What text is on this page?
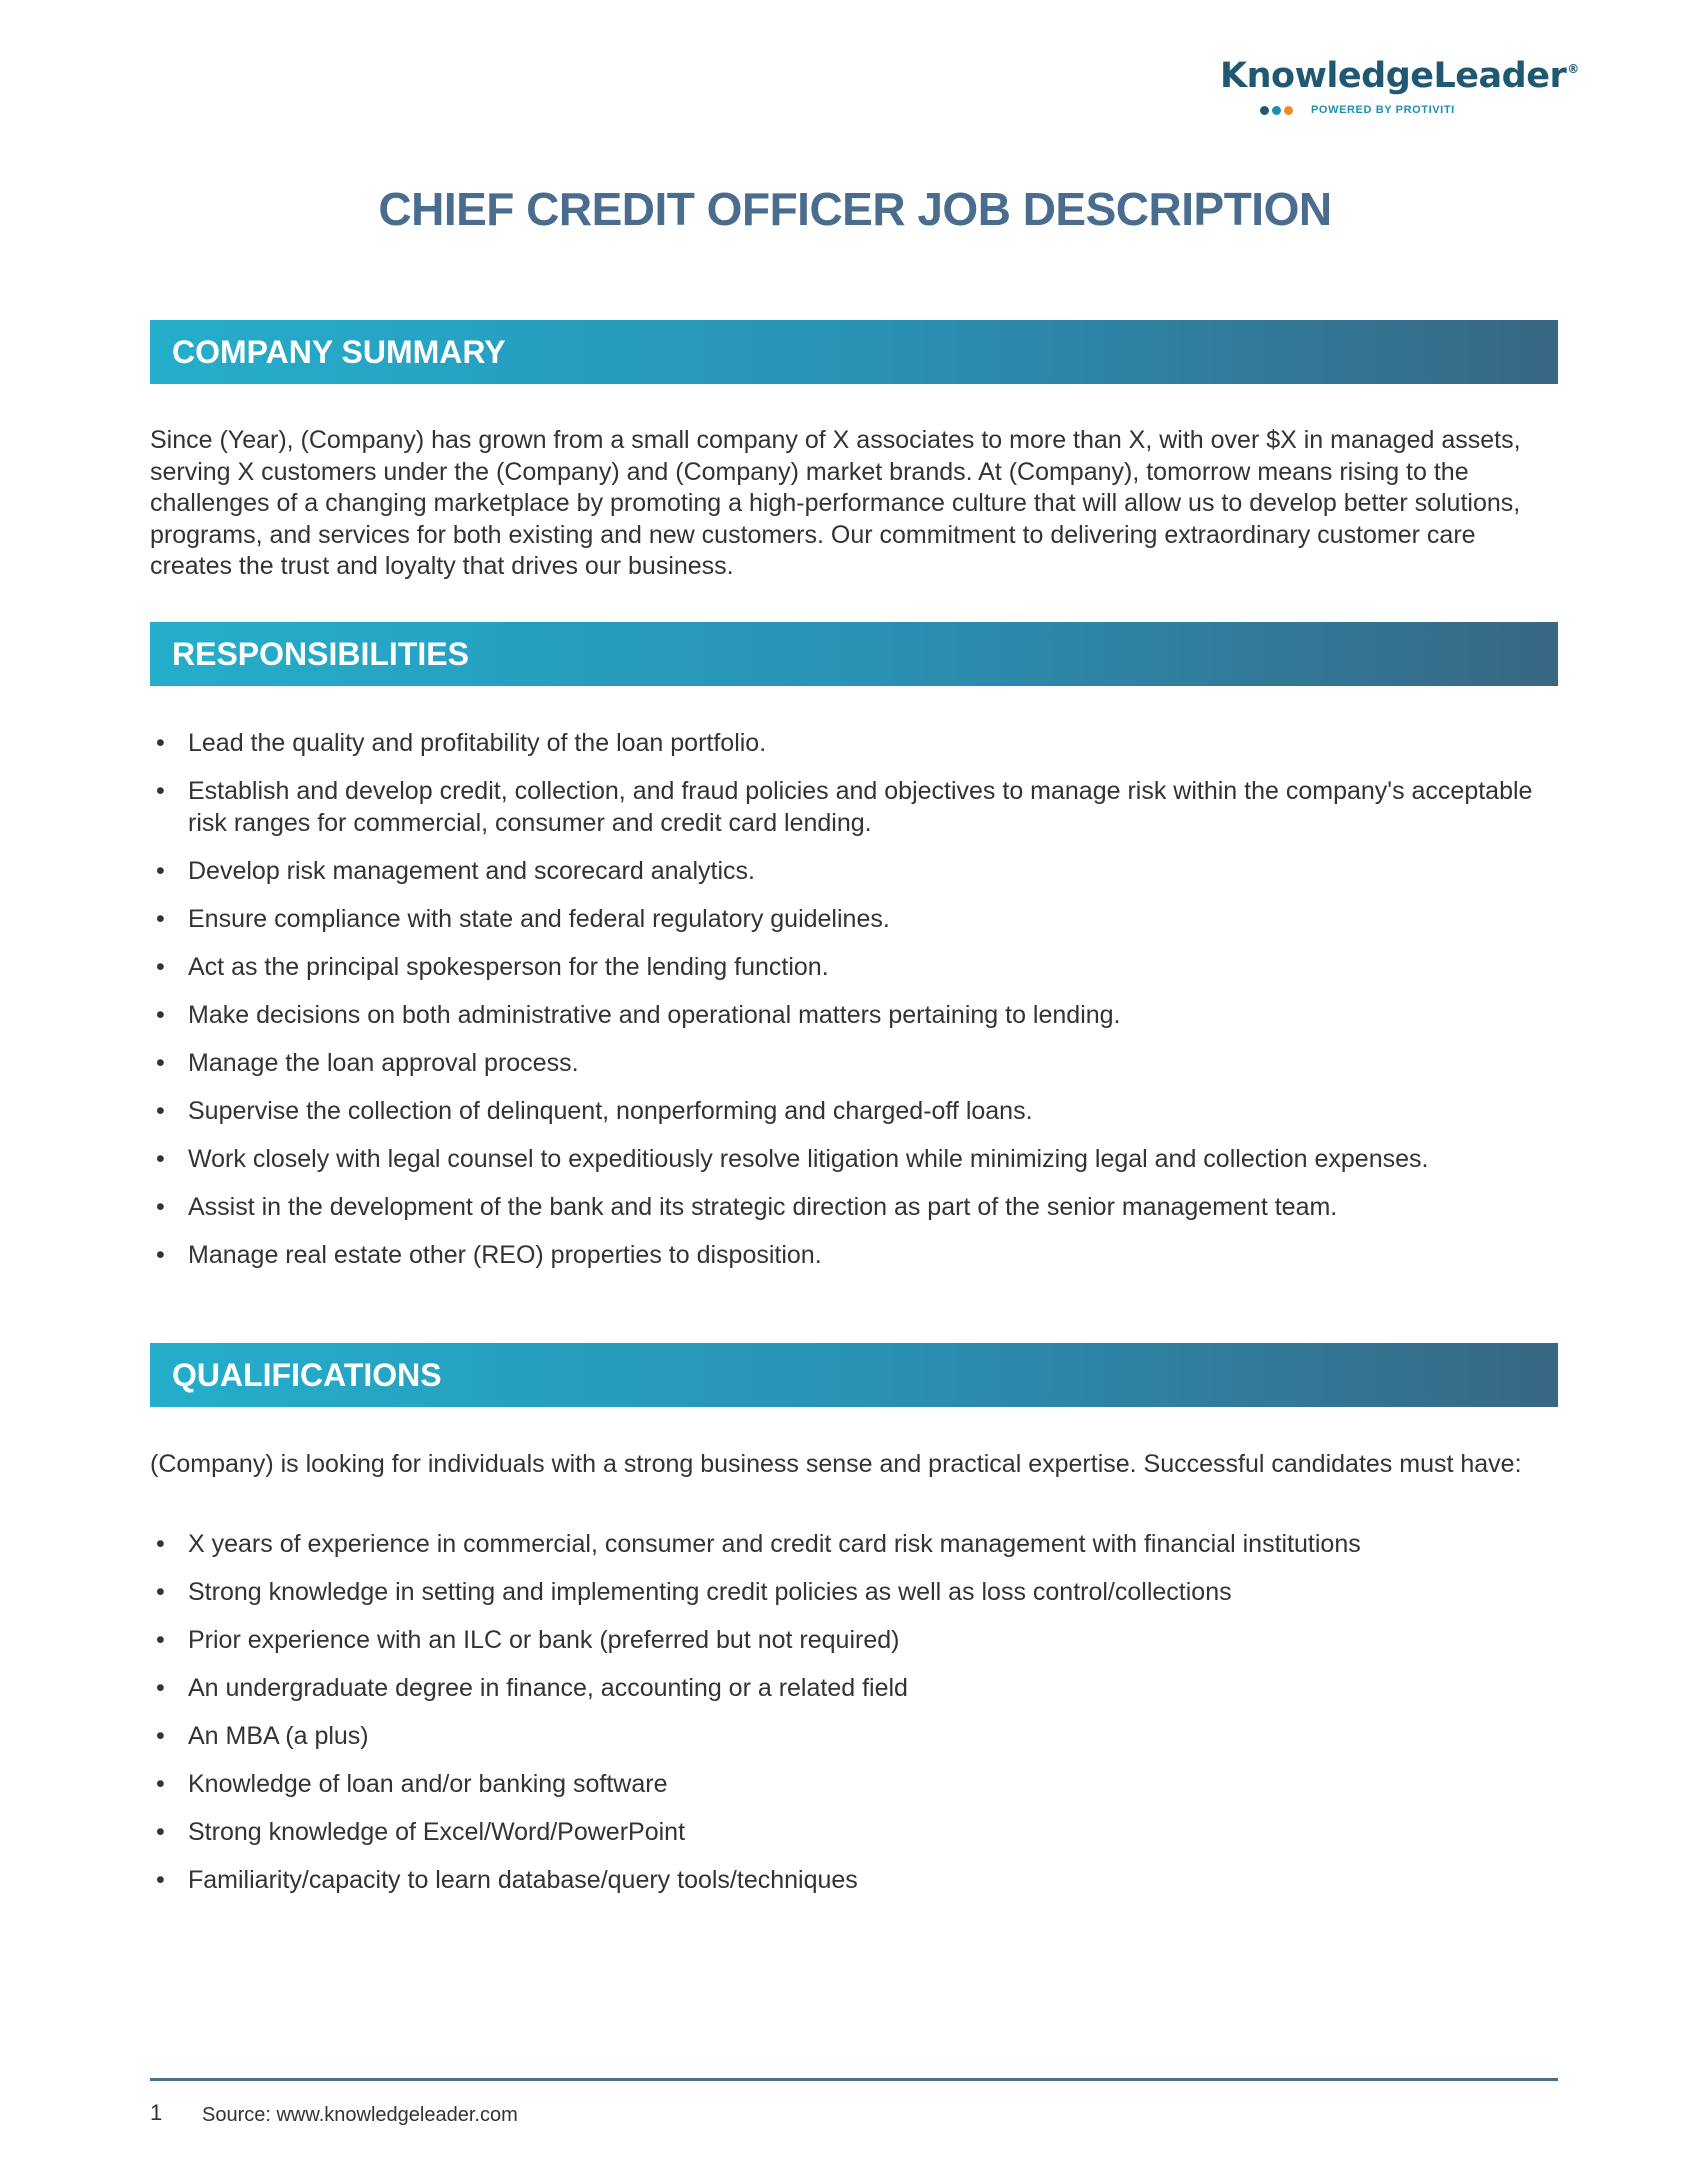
KnowledgeLeader®
POWERED BY PROTIVITI
CHIEF CREDIT OFFICER JOB DESCRIPTION
COMPANY SUMMARY

Since (Year), (Company) has grown from a small company of X associates to more than X, with over $X in managed assets, serving X customers under the (Company) and (Company) market brands. At (Company), tomorrow means rising to the challenges of a changing marketplace by promoting a high-performance culture that will allow us to develop better solutions, programs, and services for both existing and new customers. Our commitment to delivering extraordinary customer care creates the trust and loyalty that drives our business.

RESPONSIBILITIES
• Lead the quality and profitability of the loan portfolio.
• Establish and develop credit, collection, and fraud policies and objectives to manage risk within the company's acceptable risk ranges for commercial, consumer and credit card lending.
• Develop risk management and scorecard analytics.
• Ensure compliance with state and federal regulatory guidelines.
• Act as the principal spokesperson for the lending function.
• Make decisions on both administrative and operational matters pertaining to lending.
• Manage the loan approval process.
• Supervise the collection of delinquent, nonperforming and charged-off loans.
• Work closely with legal counsel to expeditiously resolve litigation while minimizing legal and collection expenses.
• Assist in the development of the bank and its strategic direction as part of the senior management team.
• Manage real estate other (REO) properties to disposition.
QUALIFICATIONS

(Company) is looking for individuals with a strong business sense and practical expertise. Successful candidates must have:

• X years of experience in commercial, consumer and credit card risk management with financial institutions
• Strong knowledge in setting and implementing credit policies as well as loss control/collections
• Prior experience with an ILC or bank (preferred but not required)
• An undergraduate degree in finance, accounting or a related field
• An MBA (a plus)
• Knowledge of loan and/or banking software
• Strong knowledge of Excel/Word/PowerPoint
• Familiarity/capacity to learn database/query tools/techniques
1 Source: www.knowledgeleader.com
